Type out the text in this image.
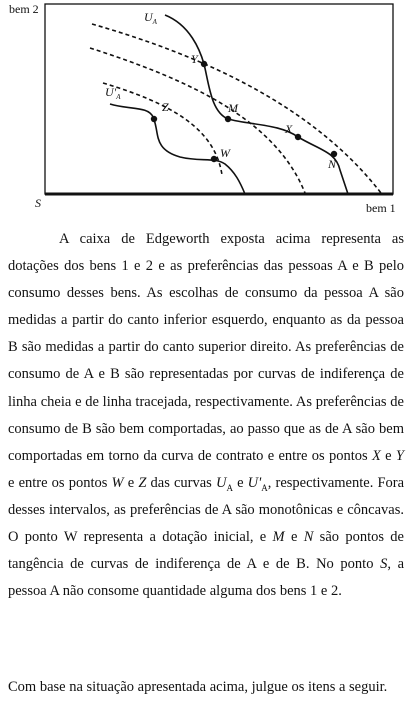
bem 2
bem 1
S
$U_A$
$U'_A$
Y
M
X
N
Z
W

A caixa de Edgeworth exposta acima representa as dotações dos bens 1 e 2 e as preferências das pessoas A e B pelo consumo desses bens. As escolhas de consumo da pessoa A são medidas a partir do canto inferior esquerdo, enquanto as da pessoa B são medidas a partir do canto superior direito. As preferências de consumo de A e B são representadas por curvas de indiferença de linha cheia e de linha tracejada, respectivamente. As preferências de consumo de B são bem comportadas, ao passo que as de A são bem comportadas em torno da curva de contrato e entre os pontos X e Y e entre os pontos W e Z das curvas $U_A$ e $U'_A$, respectivamente. Fora desses intervalos, as preferências de A são monotônicas e côncavas. O ponto W representa a dotação inicial, e M e N são pontos de tangência de curvas de indiferença de A e de B. No ponto S, a pessoa A não consome quantidade alguma dos bens 1 e 2.

Com base na situação apresentada acima, julgue os itens a seguir.
